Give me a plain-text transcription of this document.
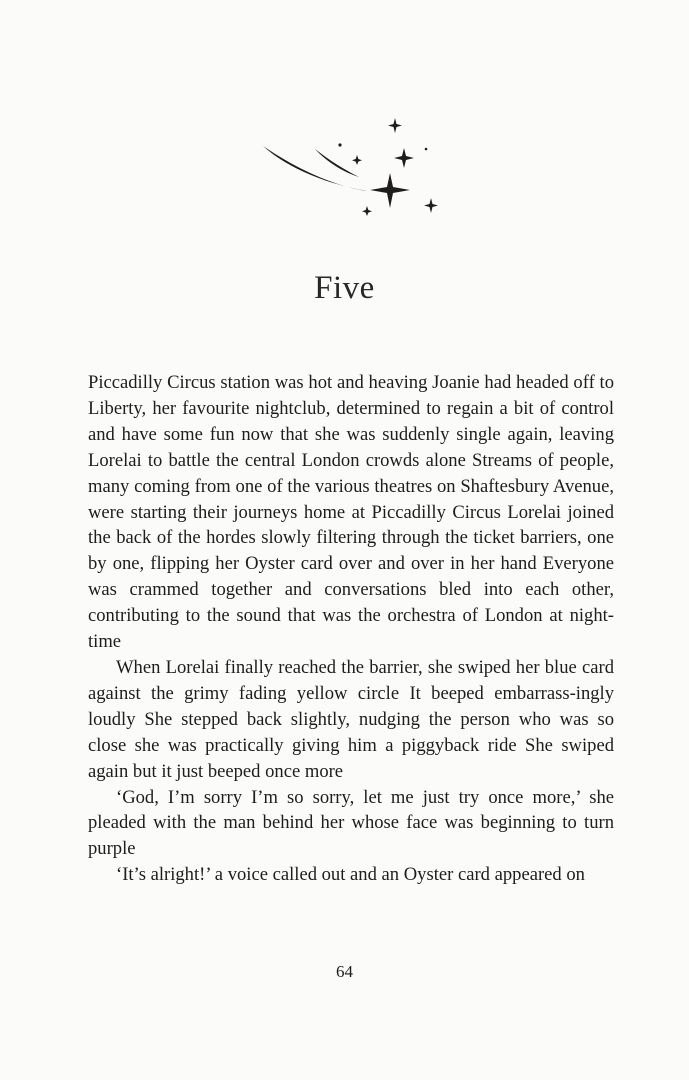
Five

Piccadilly Circus station was hot and heaving Joanie had headed off to Liberty, her favourite nightclub, determined to regain a bit of control and have some fun now that she was suddenly single again, leaving Lorelai to battle the central London crowds alone Streams of people, many coming from one of the various theatres on Shaftesbury Avenue, were starting their journeys home at Piccadilly Circus Lorelai joined the back of the hordes slowly filtering through the ticket barriers, one by one, flipping her Oyster card over and over in her hand Everyone was crammed together and conversations bled into each other, contributing to the sound that was the orchestra of London at night-time

When Lorelai finally reached the barrier, she swiped her blue card against the grimy fading yellow circle It beeped embarrass-ingly loudly She stepped back slightly, nudging the person who was so close she was practically giving him a piggyback ride She swiped again but it just beeped once more

‘God, I’m sorry I’m so sorry, let me just try once more,’ she pleaded with the man behind her whose face was beginning to turn purple

‘It’s alright!’ a voice called out and an Oyster card appeared on

64
